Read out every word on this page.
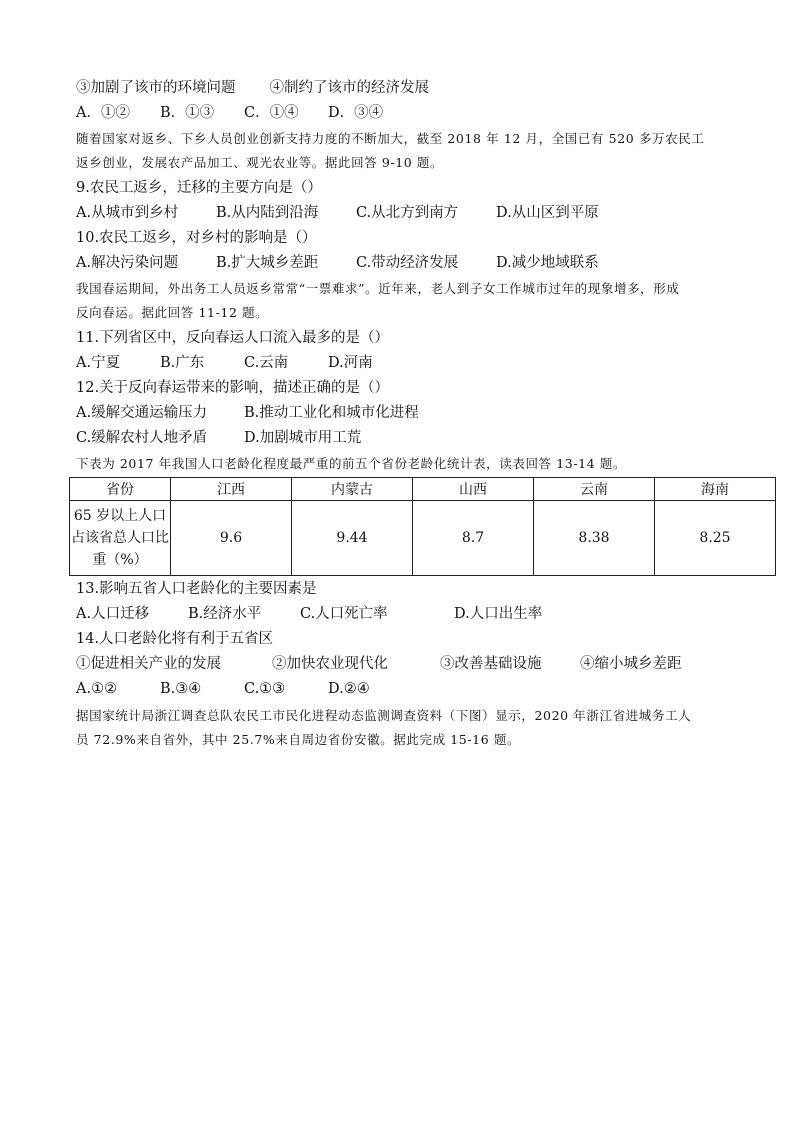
③加剧了该市的环境问题 ④制约了该市的经济发展
A．①② B．①③ C．①④ D．③④
随着国家对返乡、下乡人员创业创新支持力度的不断加大，截至 2018 年 12 月，全国已有 520 多万农民工
返乡创业，发展农产品加工、观光农业等。据此回答 9-10 题。
9.农民工返乡，迁移的主要方向是（）
A.从城市到乡村	B.从内陆到沿海	C.从北方到南方	D.从山区到平原
10.农民工返乡，对乡村的影响是（）
A.解决污染问题	B.扩大城乡差距	C.带动经济发展	D.减少地域联系
我国春运期间，外出务工人员返乡常常“一票难求”。近年来，老人到子女工作城市过年的现象增多，形成
反向春运。据此回答 11-12 题。
11.下列省区中，反向春运人口流入最多的是（）
A.宁夏	B.广东	C.云南	D.河南
12.关于反向春运带来的影响，描述正确的是（）
A.缓解交通运输压力	B.推动工业化和城市化进程
C.缓解农村人地矛盾	D.加剧城市用工荒
下表为 2017 年我国人口老龄化程度最严重的前五个省份老龄化统计表，读表回答 13-14 题。
省份	江西	内蒙古	山西	云南	海南

65 岁以上人口
占该省总人口比
重（%）	9.6	9.44	8.7	8.38	8.25
13.影响五省人口老龄化的主要因素是
A.人口迁移	B.经济水平	C.人口死亡率	D.人口出生率
14.人口老龄化将有利于五省区
①促进相关产业的发展	②加快农业现代化	③改善基础设施	④缩小城乡差距
A.①②	B.③④	C.①③	D.②④
据国家统计局浙江调查总队农民工市民化进程动态监测调查资料（下图）显示，2020 年浙江省进城务工人
员 72.9%来自省外，其中 25.7%来自周边省份安徽。据此完成 15-16 题。
